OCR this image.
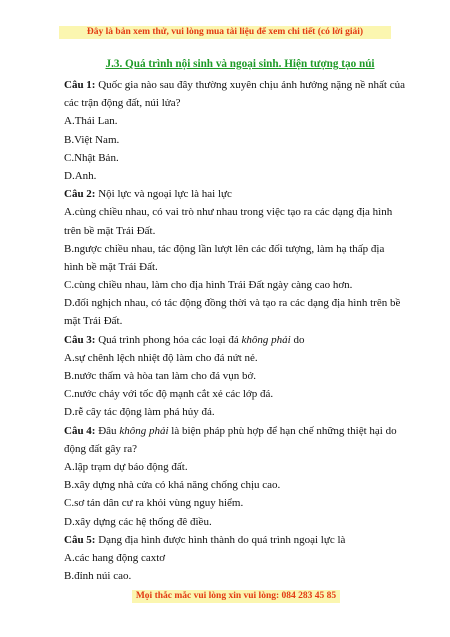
Đây là bản xem thử, vui lòng mua tài liệu để xem chi tiết (có lời giải)
J.3. Quá trình nội sinh và ngoại sinh. Hiện tượng tạo núi
Câu 1: Quốc gia nào sau đây thường xuyên chịu ảnh hưởng nặng nề nhất của
các trận động đất, núi lửa?
A.Thái Lan.
B.Việt Nam.
C.Nhật Bản.
D.Anh.
Câu 2: Nội lực và ngoại lực là hai lực
A.cùng chiều nhau, có vai trò như nhau trong việc tạo ra các dạng địa hình
trên bề mặt Trái Đất.
B.ngược chiều nhau, tác động lần lượt lên các đối tượng, làm hạ thấp địa
hình bề mặt Trái Đất.
C.cùng chiều nhau, làm cho địa hình Trái Đất ngày càng cao hơn.
D.đối nghịch nhau, có tác động đồng thời và tạo ra các dạng địa hình trên bề
mặt Trái Đất.
Câu 3: Quá trình phong hóa các loại đá không phải do
A.sự chênh lệch nhiệt độ làm cho đá nứt nẻ.
B.nước thấm và hòa tan làm cho đá vụn bở.
C.nước chảy với tốc độ mạnh cắt xẻ các lớp đá.
D.rễ cây tác động làm phá hủy đá.
Câu 4: Đâu không phải là biện pháp phù hợp để hạn chế những thiệt hại do
động đất gây ra?
A.lập trạm dự báo động đất.
B.xây dựng nhà cửa có khả năng chống chịu cao.
C.sơ tán dân cư ra khỏi vùng nguy hiểm.
D.xây dựng các hệ thống đê điều.
Câu 5: Dạng địa hình được hình thành do quá trình ngoại lực là
A.các hang động caxtơ
B.đỉnh núi cao.
Mọi thắc mắc vui lòng xin vui lòng: 084 283 45 85
